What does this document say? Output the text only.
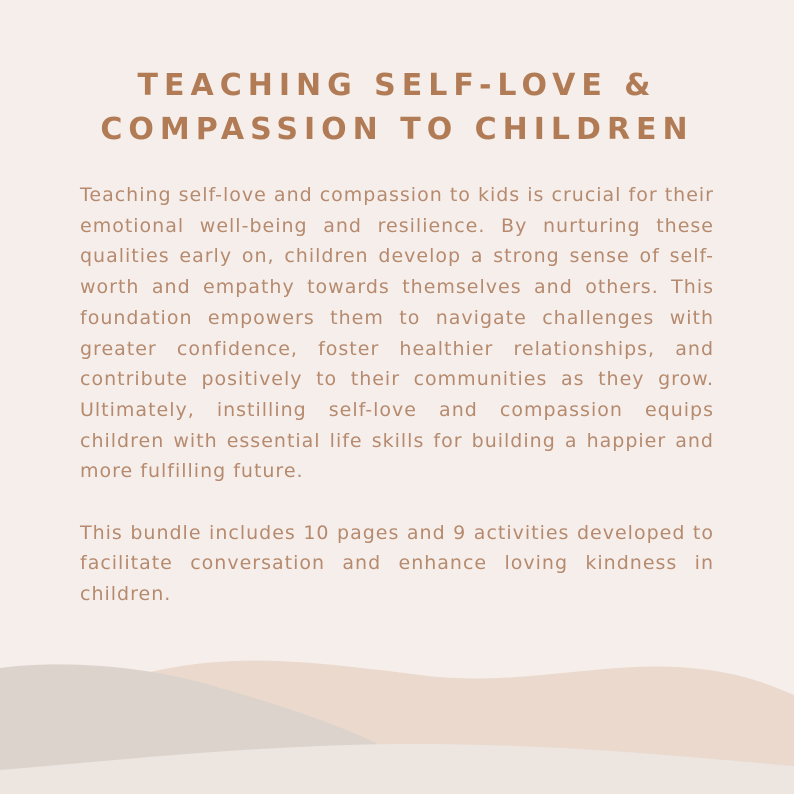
TEACHING SELF-LOVE &
COMPASSION TO CHILDREN

Teaching self-love and compassion to kids is crucial for their emotional well-being and resilience. By nurturing these qualities early on, children develop a strong sense of self-worth and empathy towards themselves and others. This foundation empowers them to navigate challenges with greater confidence, foster healthier relationships, and contribute positively to their communities as they grow. Ultimately, instilling self-love and compassion equips children with essential life skills for building a happier and more fulfilling future.

This bundle includes 10 pages and 9 activities developed to facilitate conversation and enhance loving kindness in children.
